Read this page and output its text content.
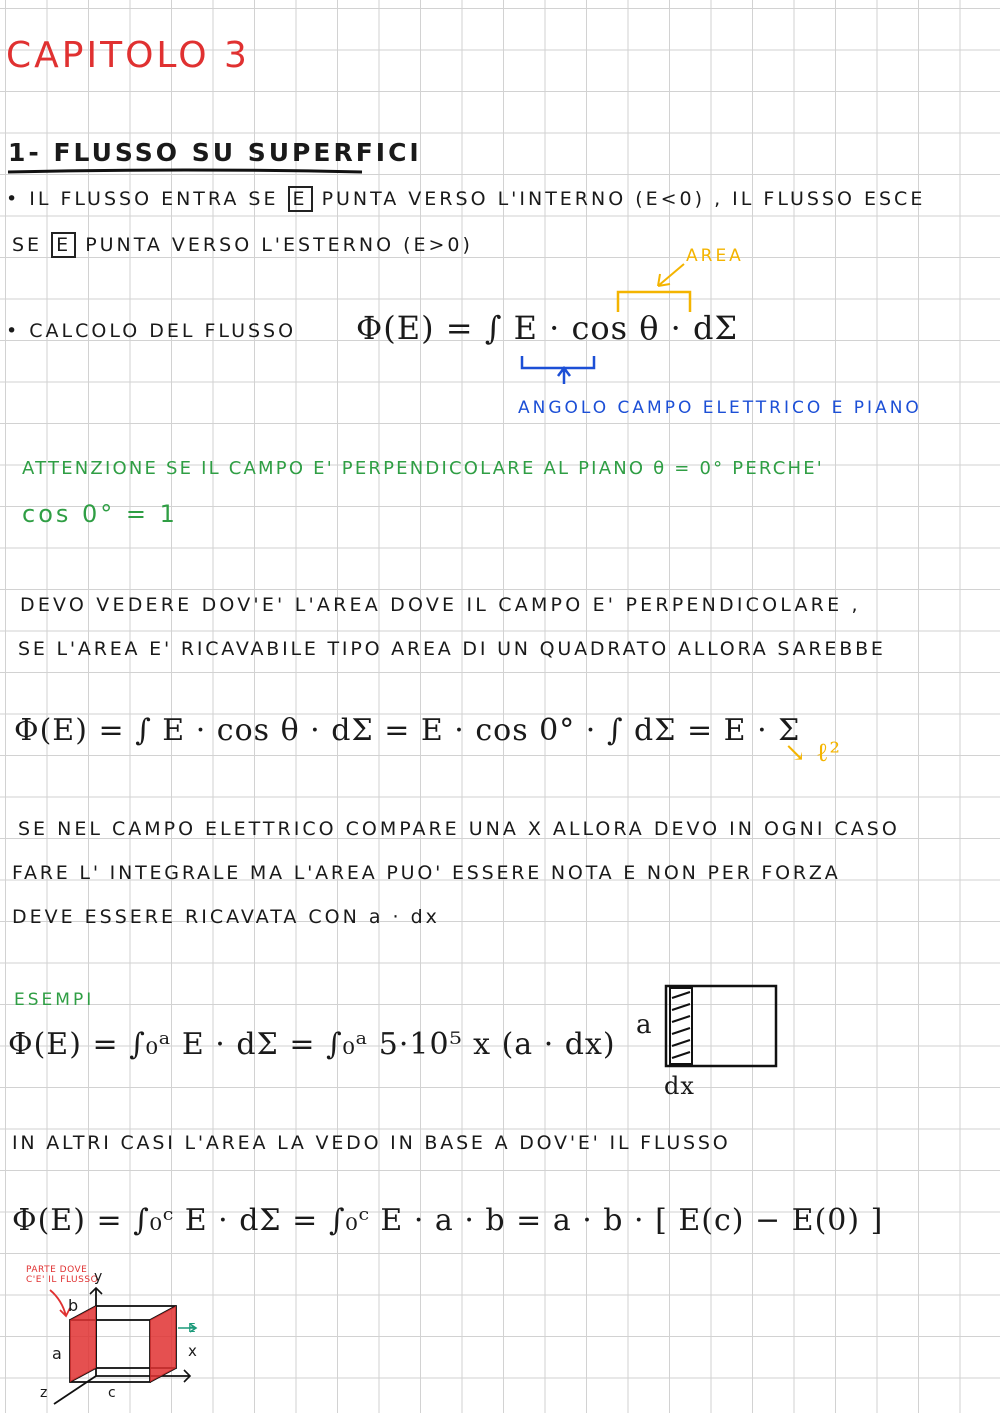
CAPITOLO 3
1- FLUSSO SU SUPERFICI
• IL FLUSSO ENTRA SE E PUNTA VERSO L'INTERNO (E<0) , IL FLUSSO ESCE
SE E PUNTA VERSO L'ESTERNO (E>0)	AREA
• CALCOLO DEL FLUSSO Φ(E) = ∫ E · cos θ · dΣ
ANGOLO CAMPO ELETTRICO E PIANO
ATTENZIONE SE IL CAMPO E' PERPENDICOLARE AL PIANO θ = 0° PERCHE'
cos 0° = 1
DEVO VEDERE DOV'E' L'AREA DOVE IL CAMPO E' PERPENDICOLARE ,
SE L'AREA E' RICAVABILE TIPO AREA DI UN QUADRATO ALLORA SAREBBE
Φ(E) = ∫ E · cos θ · dΣ = E · cos 0° · ∫ dΣ = E · Σ
↘ ℓ²
SE NEL CAMPO ELETTRICO COMPARE UNA X ALLORA DEVO IN OGNI CASO
FARE L' INTEGRALE MA L'AREA PUO' ESSERE NOTA E NON PER FORZA
DEVE ESSERE RICAVATA CON a · dx
ESEMPI
Φ(E) = ∫₀ᵃ E · dΣ = ∫₀ᵃ 5·10⁵ x (a · dx)
a
dx
IN ALTRI CASI L'AREA LA VEDO IN BASE A DOV'E' IL FLUSSO
Φ(E) = ∫₀ᶜ E · dΣ = ∫₀ᶜ E · a · b = a · b · [ E(c) − E(0) ]
PARTE DOVE
C'E' IL FLUSSO
y
b
E
x
a
z	c
